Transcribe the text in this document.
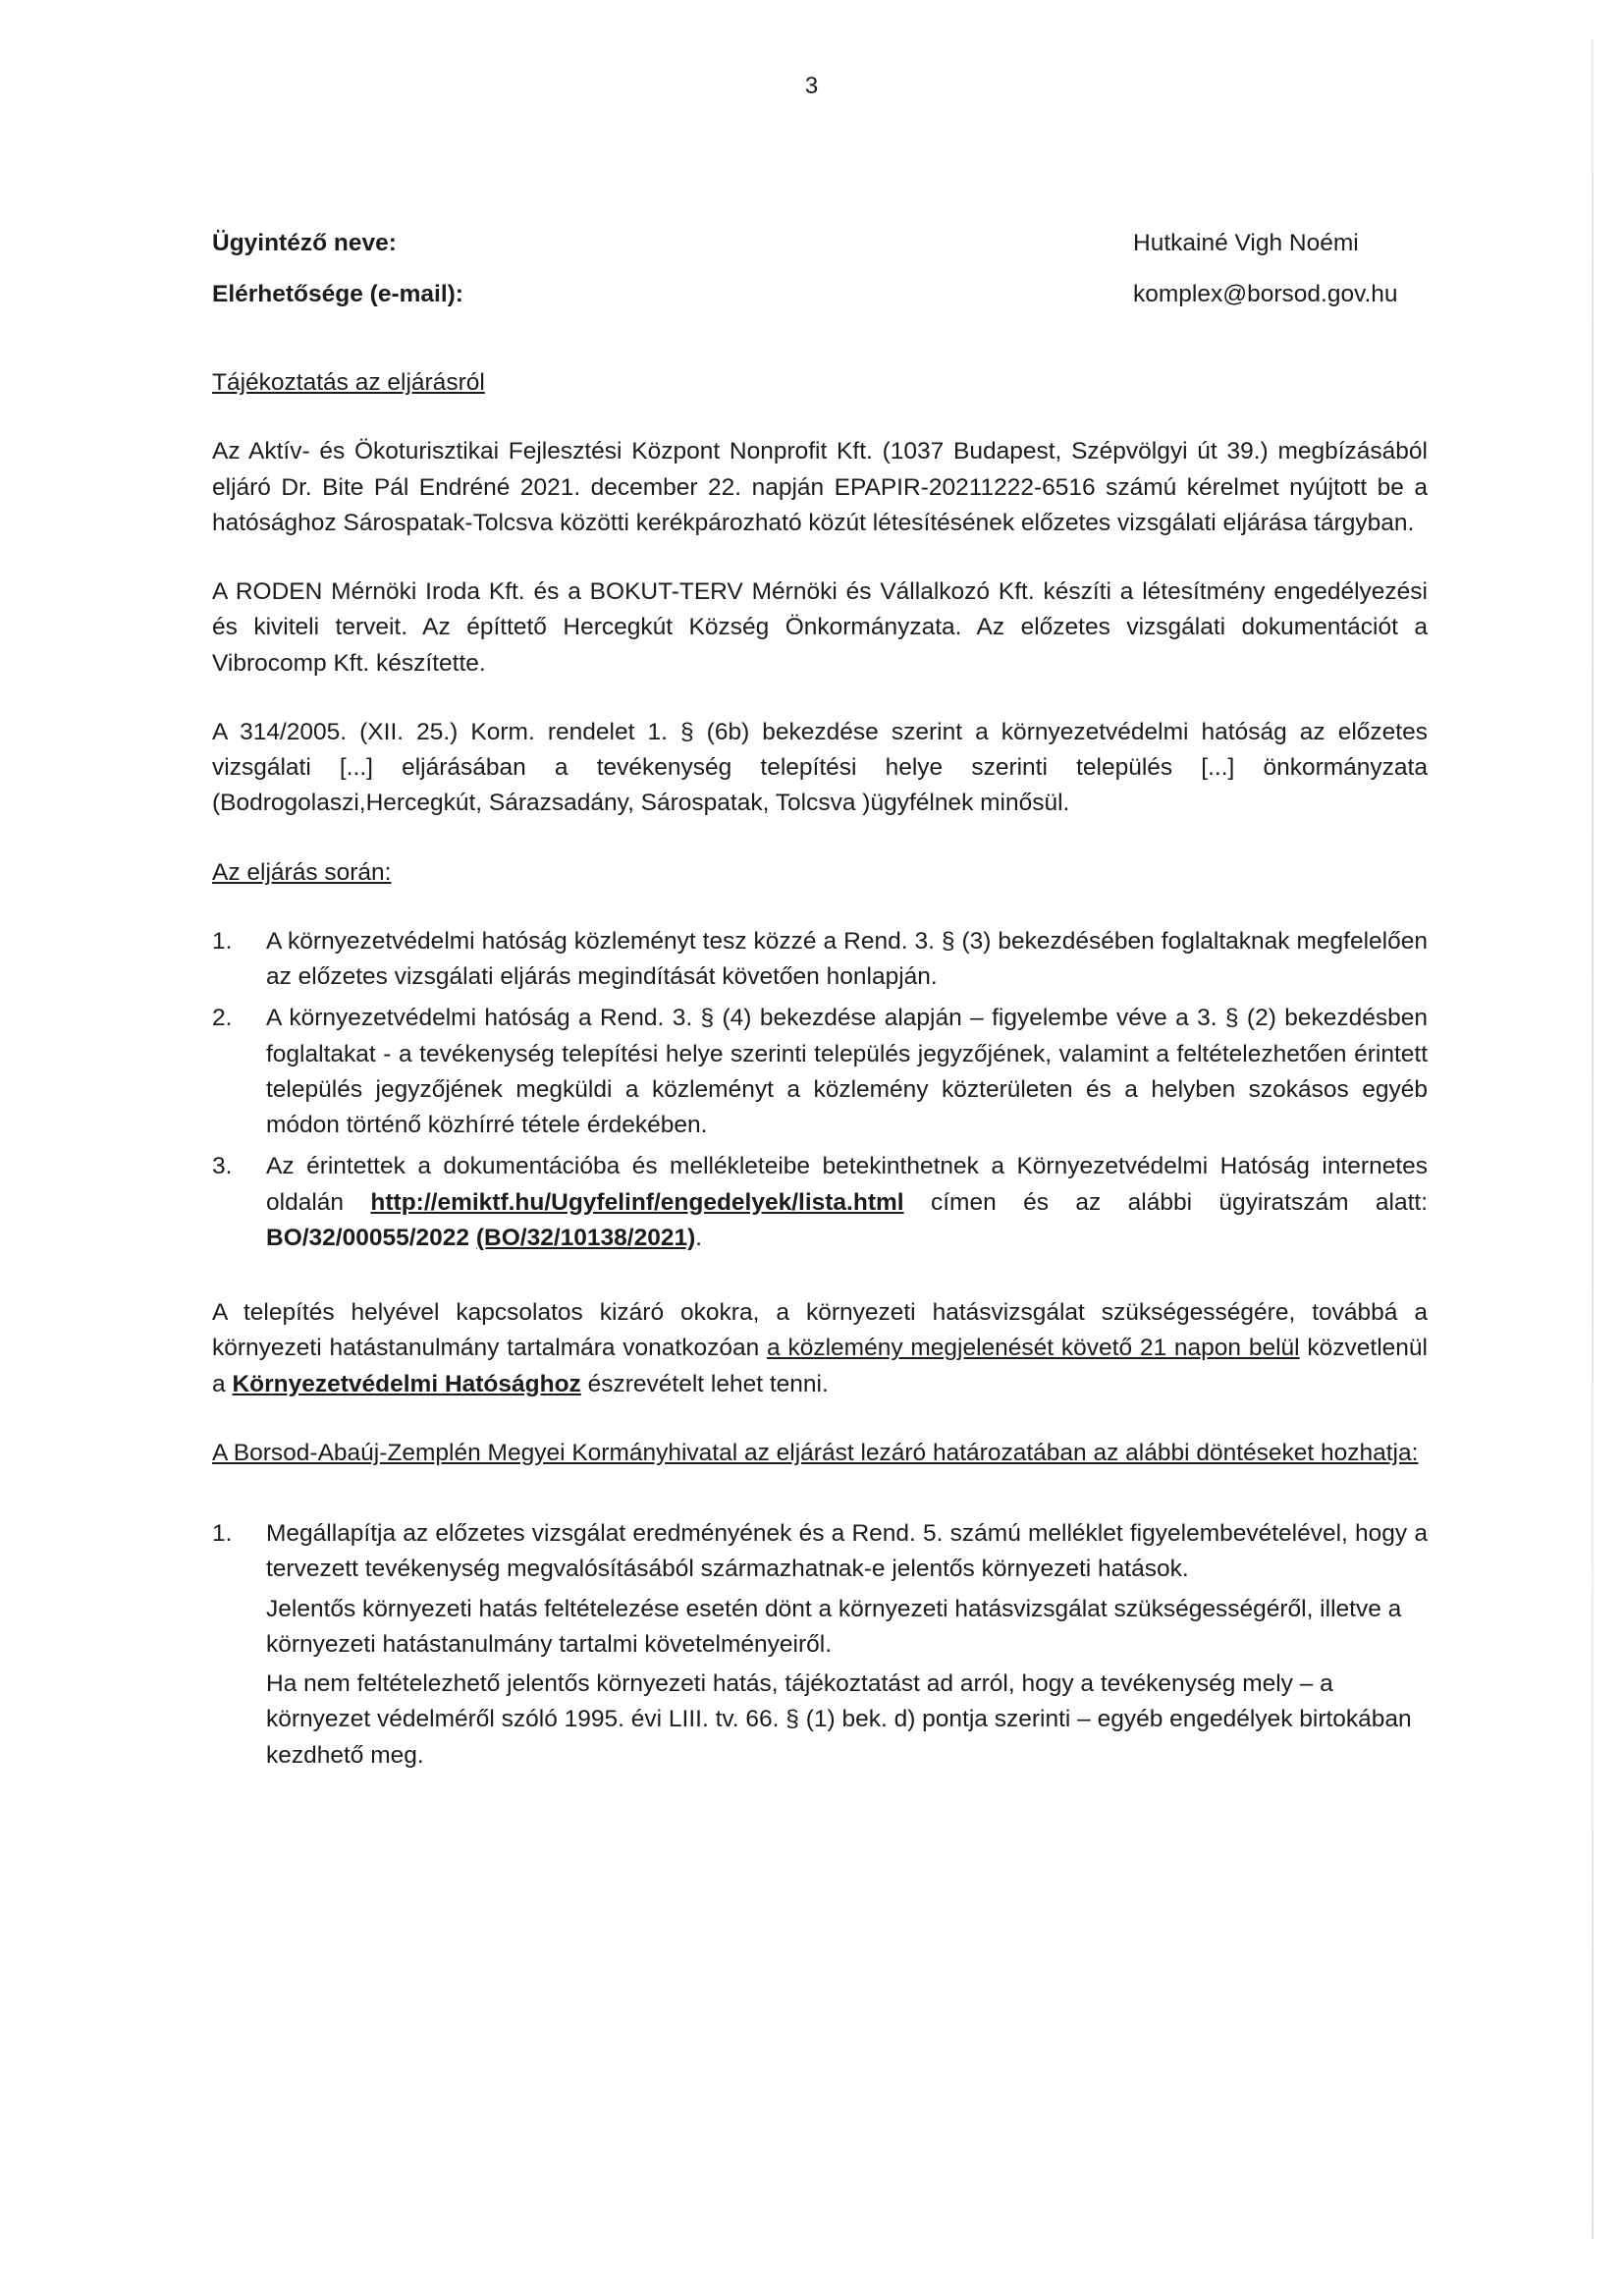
3
Ügyintéző neve:	Hutkainé Vigh Noémi
Elérhetősége (e-mail):	komplex@borsod.gov.hu

Tájékoztatás az eljárásról

Az Aktív- és Ökoturisztikai Fejlesztési Központ Nonprofit Kft. (1037 Budapest, Szépvölgyi út 39.) megbízásából eljáró Dr. Bite Pál Endréné 2021. december 22. napján EPAPIR-20211222-6516 számú kérelmet nyújtott be a hatósághoz Sárospatak-Tolcsva közötti kerékpározható közút létesítésének előzetes vizsgálati eljárása tárgyban.

A RODEN Mérnöki Iroda Kft. és a BOKUT-TERV Mérnöki és Vállalkozó Kft. készíti a létesítmény engedélyezési és kiviteli terveit. Az építtető Hercegkút Község Önkormányzata. Az előzetes vizsgálati dokumentációt a Vibrocomp Kft. készítette.

A 314/2005. (XII. 25.) Korm. rendelet 1. § (6b) bekezdése szerint a környezetvédelmi hatóság az előzetes vizsgálati [...] eljárásában a tevékenység telepítési helye szerinti település [...] önkormányzata (Bodrogolaszi,Hercegkút, Sárazsadány, Sárospatak, Tolcsva )ügyfélnek minősül.

Az eljárás során:

1. A környezetvédelmi hatóság közleményt tesz közzé a Rend. 3. § (3) bekezdésében foglaltaknak megfelelően az előzetes vizsgálati eljárás megindítását követően honlapján.
2. A környezetvédelmi hatóság a Rend. 3. § (4) bekezdése alapján – figyelembe véve a 3. § (2) bekezdésben foglaltakat - a tevékenység telepítési helye szerinti település jegyzőjének, valamint a feltételezhetően érintett település jegyzőjének megküldi a közleményt a közlemény közterületen és a helyben szokásos egyéb módon történő közhírré tétele érdekében.
3. Az érintettek a dokumentációba és mellékleteibe betekinthetnek a Környezetvédelmi Hatóság internetes oldalán http://emiktf.hu/Ugyfelinf/engedelyek/lista.html címen és az alábbi ügyiratszám alatt: BO/32/00055/2022 (BO/32/10138/2021).

A telepítés helyével kapcsolatos kizáró okokra, a környezeti hatásvizsgálat szükségességére, továbbá a környezeti hatástanulmány tartalmára vonatkozóan a közlemény megjelenését követő 21 napon belül közvetlenül a Környezetvédelmi Hatósághoz észrevételt lehet tenni.

A Borsod-Abaúj-Zemplén Megyei Kormányhivatal az eljárást lezáró határozatában az alábbi döntéseket hozhatja:

1. Megállapítja az előzetes vizsgálat eredményének és a Rend. 5. számú melléklet figyelembevételével, hogy a tervezett tevékenység megvalósításából származhatnak-e jelentős környezeti hatások.
Jelentős környezeti hatás feltételezése esetén dönt a környezeti hatásvizsgálat szükségességéről, illetve a környezeti hatástanulmány tartalmi követelményeiről.
Ha nem feltételezhető jelentős környezeti hatás, tájékoztatást ad arról, hogy a tevékenység mely – a környezet védelméről szóló 1995. évi LIII. tv. 66. § (1) bek. d) pontja szerinti – egyéb engedélyek birtokában kezdhető meg.
